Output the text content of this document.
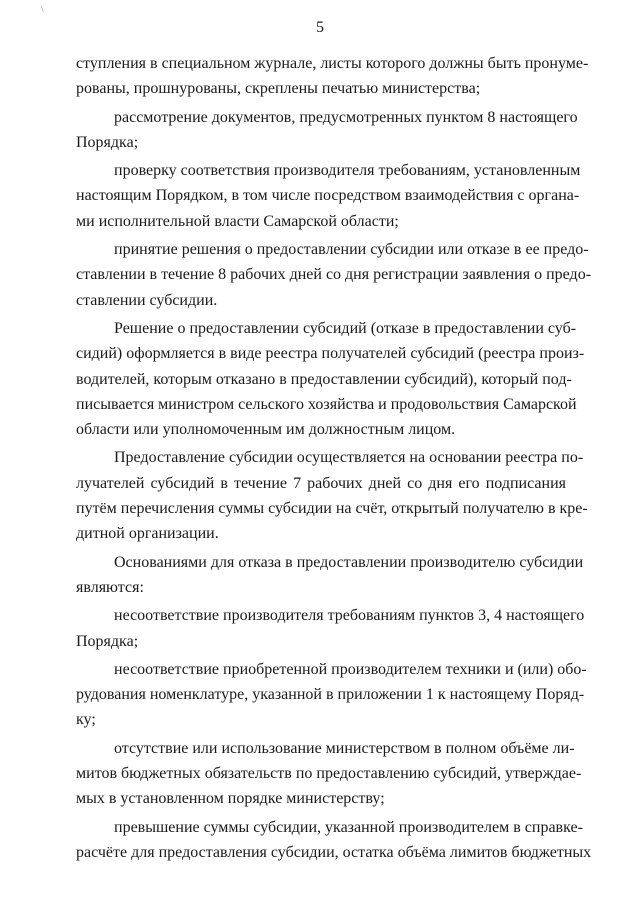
\
5

ступления в специальном журнале, листы которого должны быть пронуме-
рованы, прошнурованы, скреплены печатью министерства;

рассмотрение документов, предусмотренных пунктом 8 настоящего
Порядка;

проверку соответствия производителя требованиям, установленным
настоящим Порядком, в том числе посредством взаимодействия с органа-
ми исполнительной власти Самарской области;

принятие решения о предоставлении субсидии или отказе в ее предо-
ставлении в течение 8 рабочих дней со дня регистрации заявления о предо-
ставлении субсидии.

Решение о предоставлении субсидий (отказе в предоставлении суб-
сидий) оформляется в виде реестра получателей субсидий (реестра произ-
водителей, которым отказано в предоставлении субсидий), который под-
писывается министром сельского хозяйства и продовольствия Самарской
области или уполномоченным им должностным лицом.

Предоставление субсидии осуществляется на основании реестра по-
лучателей субсидий в течение 7 рабочих дней со дня его подписания
путём перечисления суммы субсидии на счёт, открытый получателю в кре-
дитной организации.

Основаниями для отказа в предоставлении производителю субсидии
являются:

несоответствие производителя требованиям пунктов 3, 4 настоящего
Порядка;

несоответствие приобретенной производителем техники и (или) обо-
рудования номенклатуре, указанной в приложении 1 к настоящему Поряд-
ку;

отсутствие или использование министерством в полном объёме ли-
митов бюджетных обязательств по предоставлению субсидий, утверждае-
мых в установленном порядке министерству;

превышение суммы субсидии, указанной производителем в справке-
расчёте для предоставления субсидии, остатка объёма лимитов бюджетных
